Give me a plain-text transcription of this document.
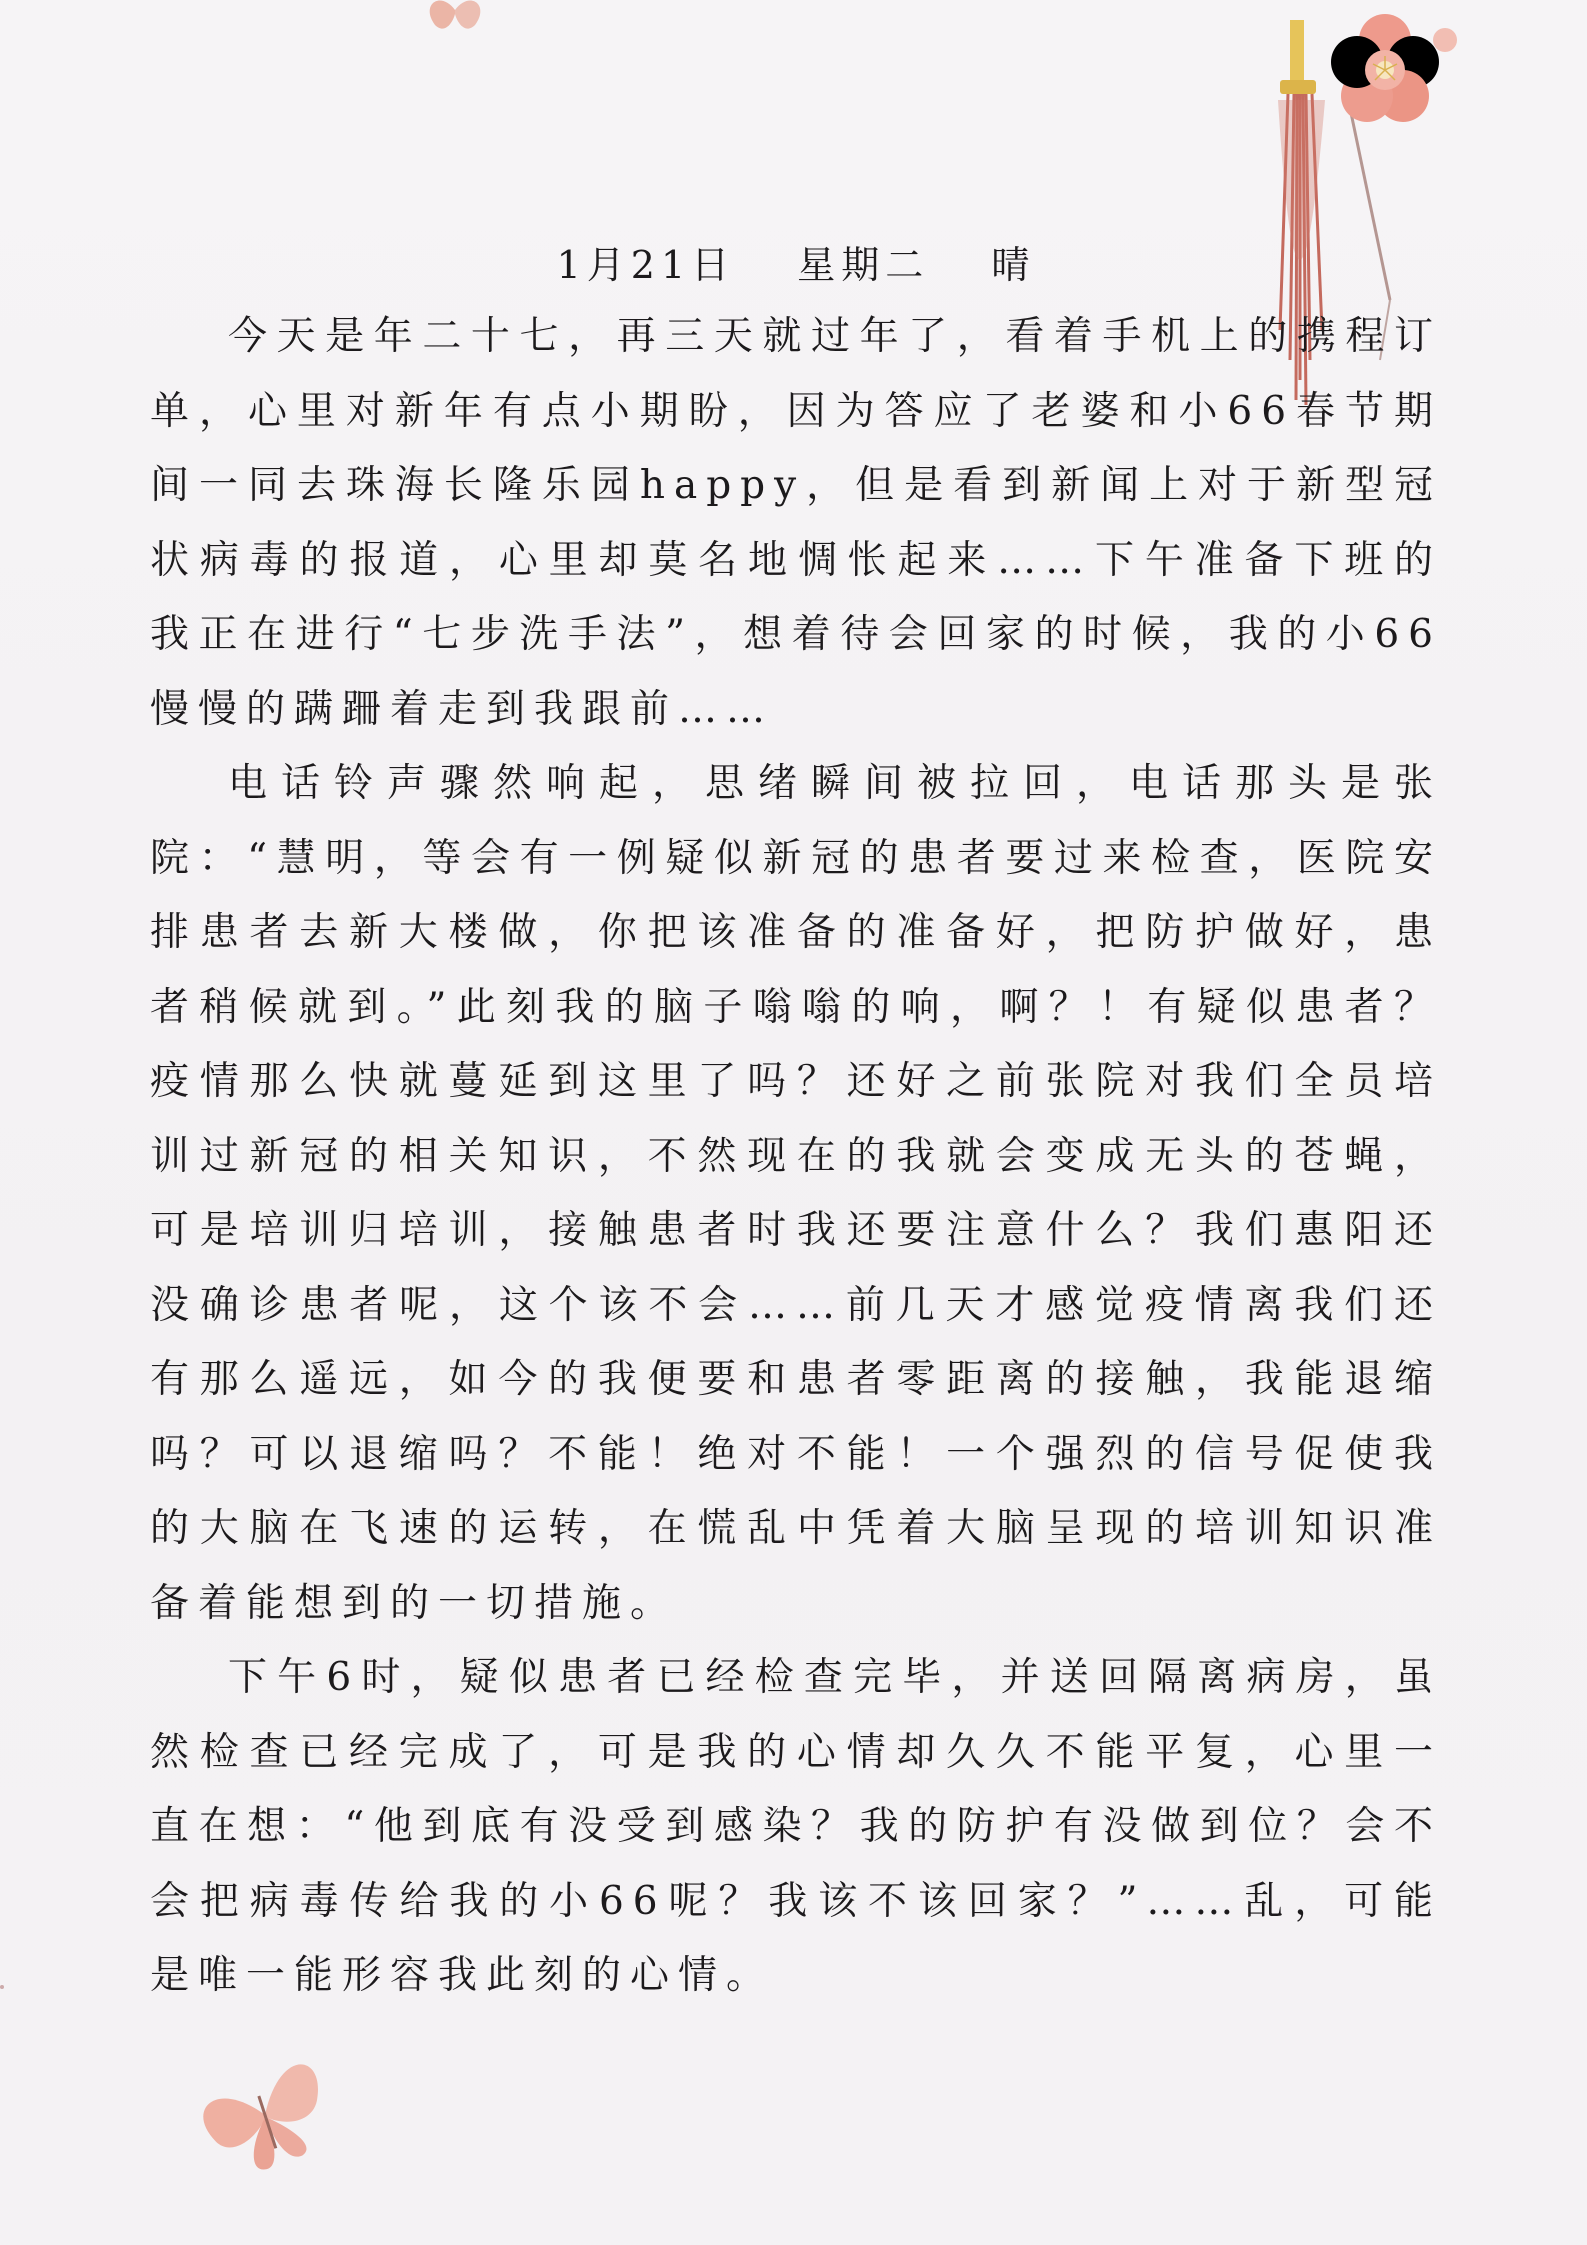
1月21日 星期二 晴

今天是年二十七，再三天就过年了，看着手机上的携程订单，心里对新年有点小期盼，因为答应了老婆和小66春节期间一同去珠海长隆乐园happy，但是看到新闻上对于新型冠状病毒的报道，心里却莫名地惆怅起来……下午准备下班的我正在进行“七步洗手法”，想着待会回家的时候，我的小66慢慢的蹒跚着走到我跟前……

电话铃声骤然响起，思绪瞬间被拉回，电话那头是张院：“慧明，等会有一例疑似新冠的患者要过来检查，医院安排患者去新大楼做，你把该准备的准备好，把防护做好，患者稍候就到。”此刻我的脑子嗡嗡的响，啊？！有疑似患者？疫情那么快就蔓延到这里了吗？还好之前张院对我们全员培训过新冠的相关知识，不然现在的我就会变成无头的苍蝇，可是培训归培训，接触患者时我还要注意什么？我们惠阳还没确诊患者呢，这个该不会……前几天才感觉疫情离我们还有那么遥远，如今的我便要和患者零距离的接触，我能退缩吗？可以退缩吗？不能！绝对不能！一个强烈的信号促使我的大脑在飞速的运转，在慌乱中凭着大脑呈现的培训知识准备着能想到的一切措施。

下午6时，疑似患者已经检查完毕，并送回隔离病房，虽然检查已经完成了，可是我的心情却久久不能平复，心里一直在想：“他到底有没受到感染？我的防护有没做到位？会不会把病毒传给我的小66呢？我该不该回家？”……乱，可能是唯一能形容我此刻的心情。
